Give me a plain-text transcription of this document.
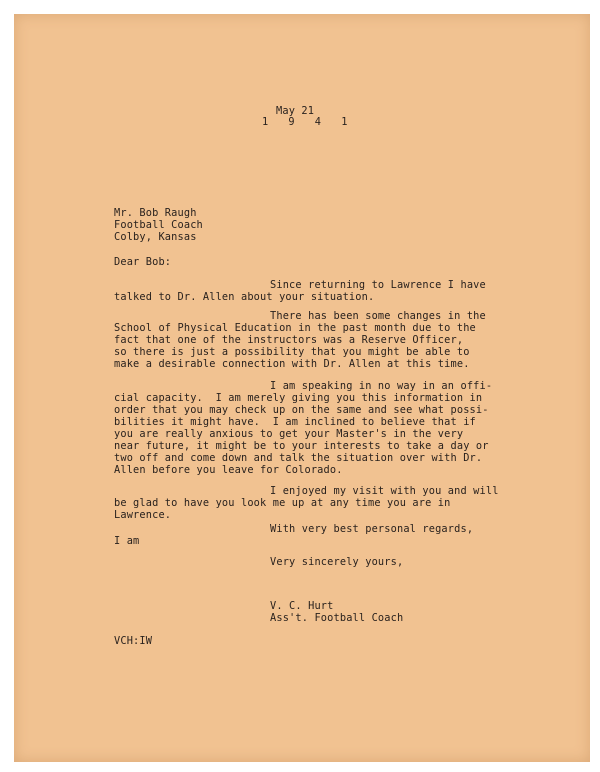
May 21
1 9 4 1
Mr. Bob Raugh
Football Coach
Colby, Kansas
Dear Bob:
Since returning to Lawrence I have
talked to Dr. Allen about your situation.
There has been some changes in the
School of Physical Education in the past month due to the
fact that one of the instructors was a Reserve Officer,
so there is just a possibility that you might be able to
make a desirable connection with Dr. Allen at this time.
I am speaking in no way in an offi-
cial capacity.  I am merely giving you this information in
order that you may check up on the same and see what possi-
bilities it might have.  I am inclined to believe that if
you are really anxious to get your Master's in the very
near future, it might be to your interests to take a day or
two off and come down and talk the situation over with Dr.
Allen before you leave for Colorado.
I enjoyed my visit with you and will
be glad to have you look me up at any time you are in
Lawrence.
With very best personal regards,
I am
Very sincerely yours,
V. C. Hurt
Ass't. Football Coach
VCH:IW
